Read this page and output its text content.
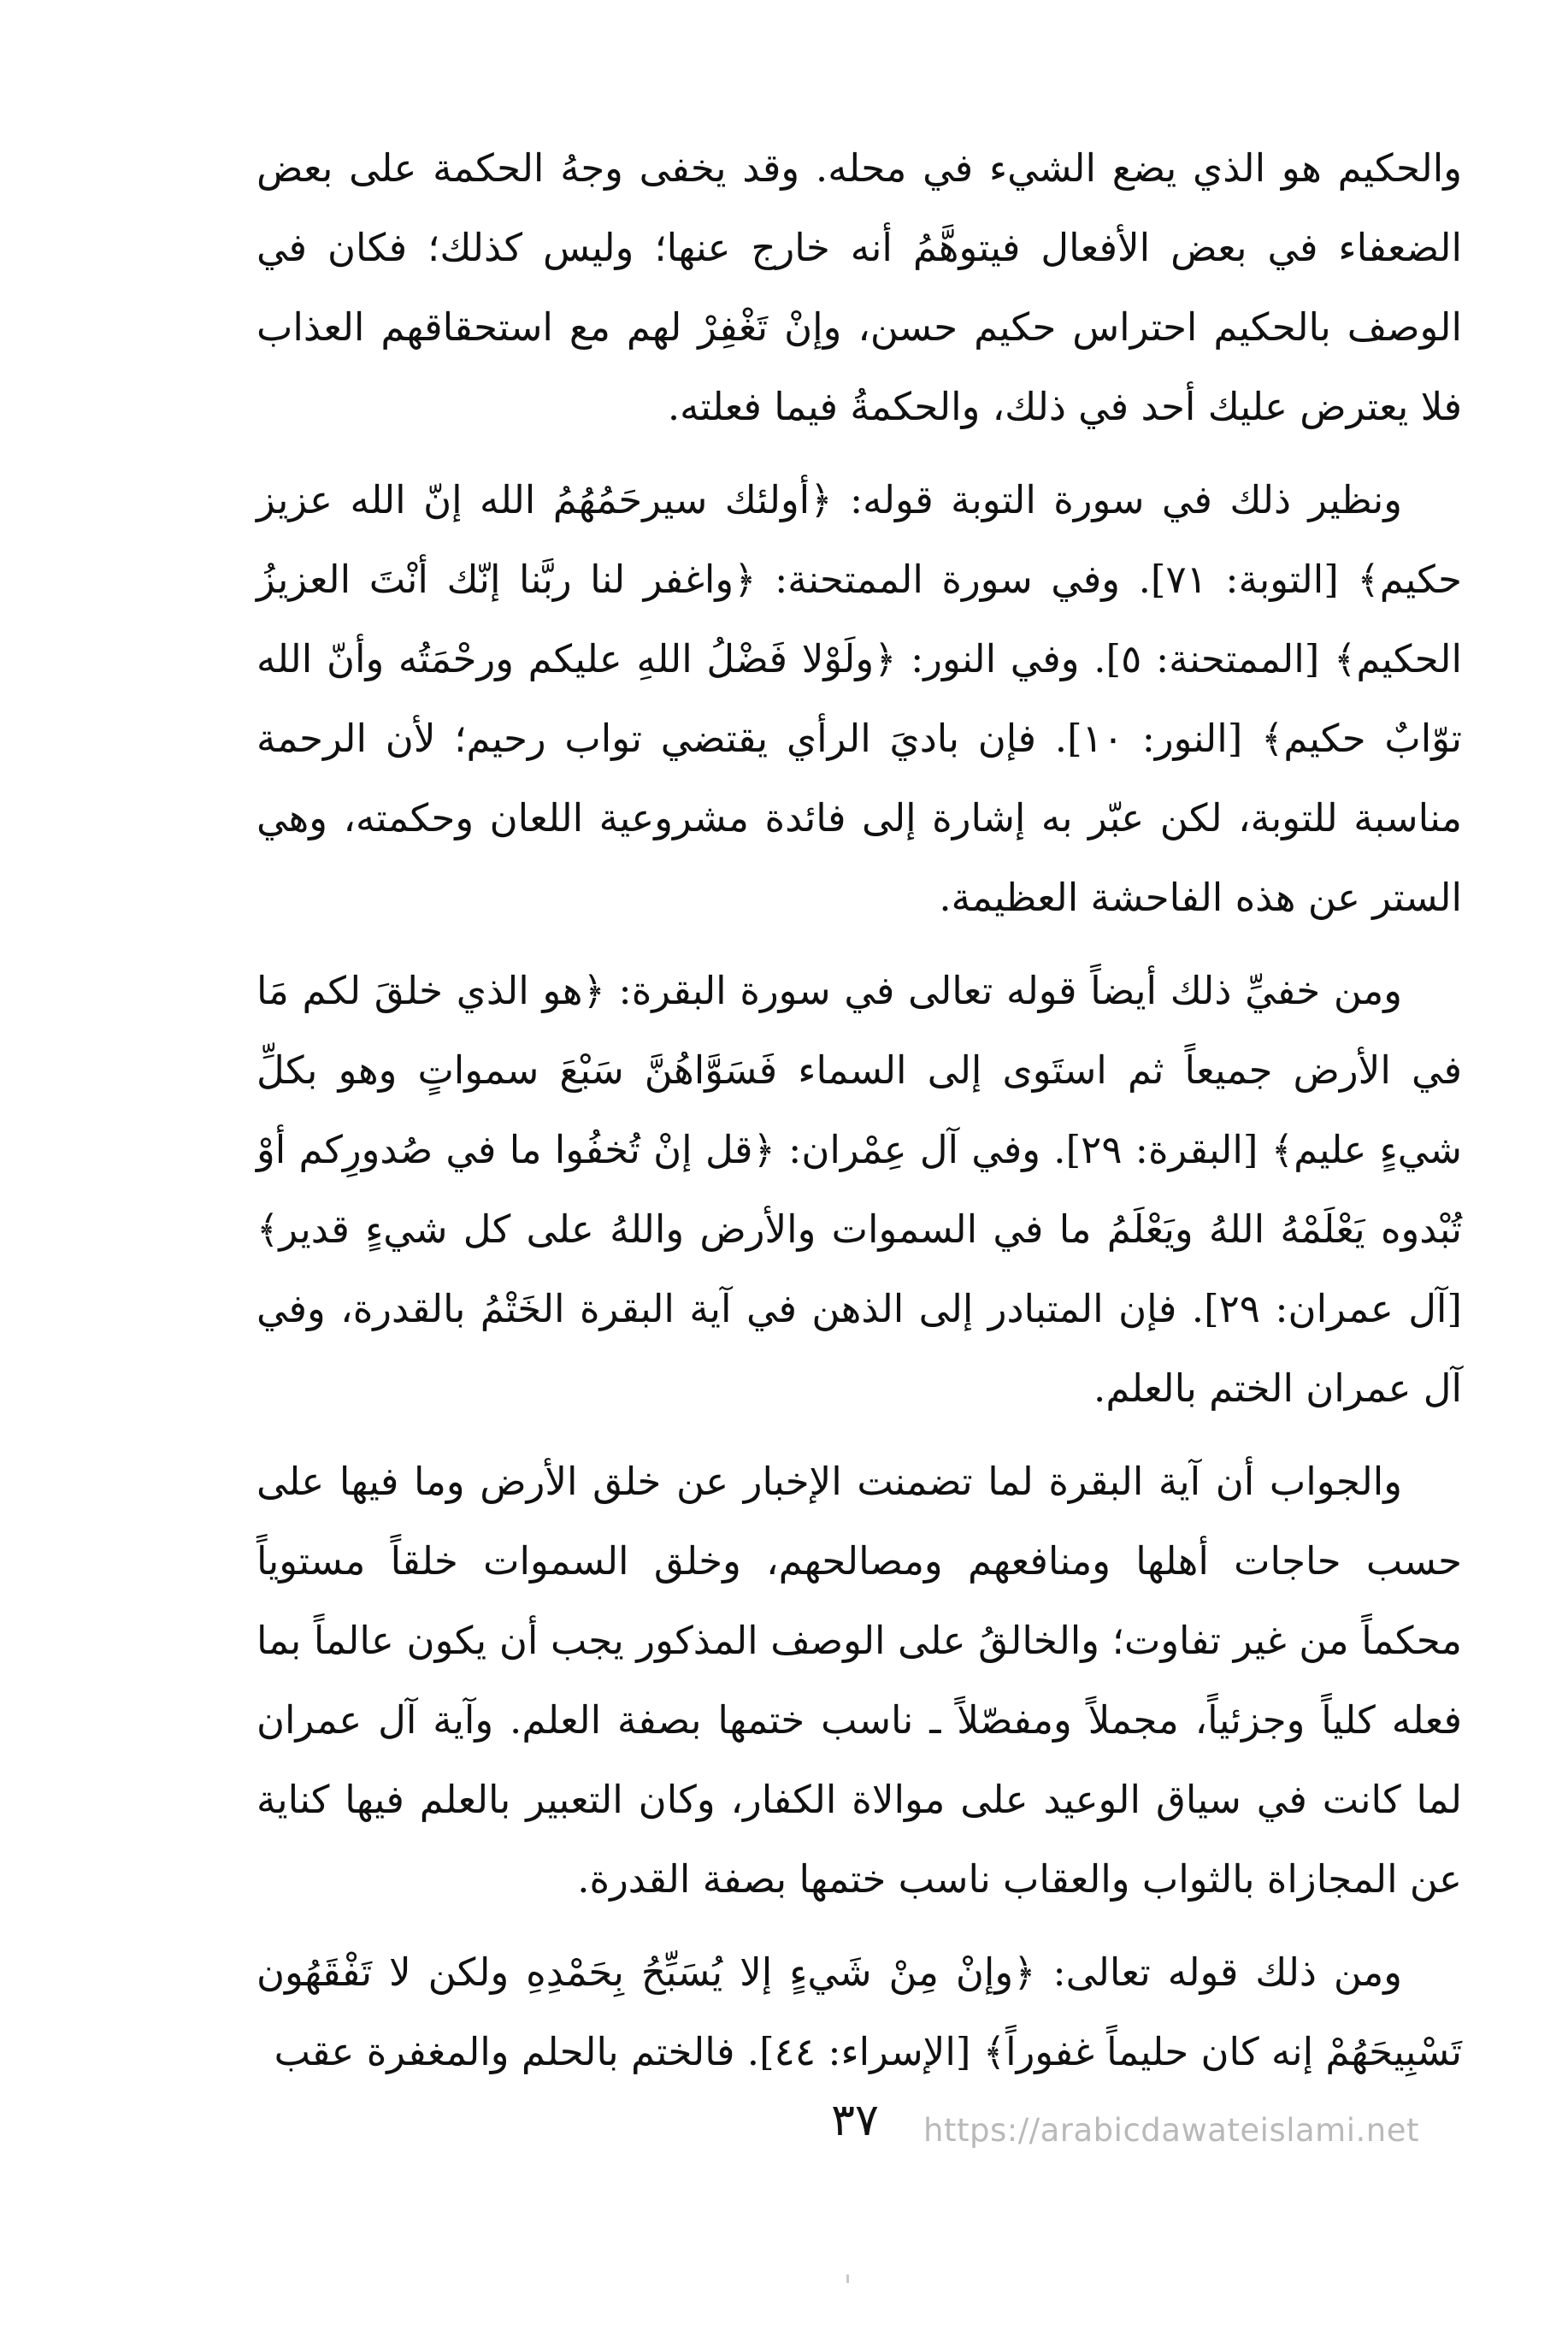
والحكيم هو الذي يضع الشيء في محله. وقد يخفى وجهُ الحكمة على بعض الضعفاء في بعض الأفعال فيتوهَّمُ أنه خارج عنها؛ وليس كذلك؛ فكان في الوصف بالحكيم احتراس حكيم حسن، وإنْ تَغْفِرْ لهم مع استحقاقهم العذاب فلا يعترض عليك أحد في ذلك، والحكمةُ فيما فعلته.

ونظير ذلك في سورة التوبة قوله: ﴿أولئك سيرحَمُهُمُ الله إنّ الله عزيز حكيم﴾ [التوبة: ٧١]. وفي سورة الممتحنة: ﴿واغفر لنا ربَّنا إنّك أنْتَ العزيزُ الحكيم﴾ [الممتحنة: ٥]. وفي النور: ﴿ولَوْلا فَضْلُ اللهِ عليكم ورحْمَتُه وأنّ الله توّابٌ حكيم﴾ [النور: ١٠]. فإن باديَ الرأي يقتضي تواب رحيم؛ لأن الرحمة مناسبة للتوبة، لكن عبّر به إشارة إلى فائدة مشروعية اللعان وحكمته، وهي الستر عن هذه الفاحشة العظيمة.

ومن خفيِّ ذلك أيضاً قوله تعالى في سورة البقرة: ﴿هو الذي خلقَ لكم مَا في الأرض جميعاً ثم استَوى إلى السماء فَسَوَّاهُنَّ سَبْعَ سمواتٍ وهو بكلِّ شيءٍ عليم﴾ [البقرة: ٢٩]. وفي آل عِمْران: ﴿قل إنْ تُخفُوا ما في صُدورِكم أوْ تُبْدوه يَعْلَمْهُ اللهُ ويَعْلَمُ ما في السموات والأرض واللهُ على كل شيءٍ قدير﴾ [آل عمران: ٢٩]. فإن المتبادر إلى الذهن في آية البقرة الخَتْمُ بالقدرة، وفي آل عمران الختم بالعلم.

والجواب أن آية البقرة لما تضمنت الإخبار عن خلق الأرض وما فيها على حسب حاجات أهلها ومنافعهم ومصالحهم، وخلق السموات خلقاً مستوياً محكماً من غير تفاوت؛ والخالقُ على الوصف المذكور يجب أن يكون عالماً بما فعله كلياً وجزئياً، مجملاً ومفصّلاً ـ ناسب ختمها بصفة العلم. وآية آل عمران لما كانت في سياق الوعيد على موالاة الكفار، وكان التعبير بالعلم فيها كناية عن المجازاة بالثواب والعقاب ناسب ختمها بصفة القدرة.

ومن ذلك قوله تعالى: ﴿وإنْ مِنْ شَيءٍ إلا يُسَبِّحُ بِحَمْدِهِ ولكن لا تَفْقَهُون تَسْبِيحَهُمْ إنه كان حليماً غفوراً﴾ [الإسراء: ٤٤]. فالختم بالحلم والمغفرة عقب

٣٧	https://arabicdawateislami.net
